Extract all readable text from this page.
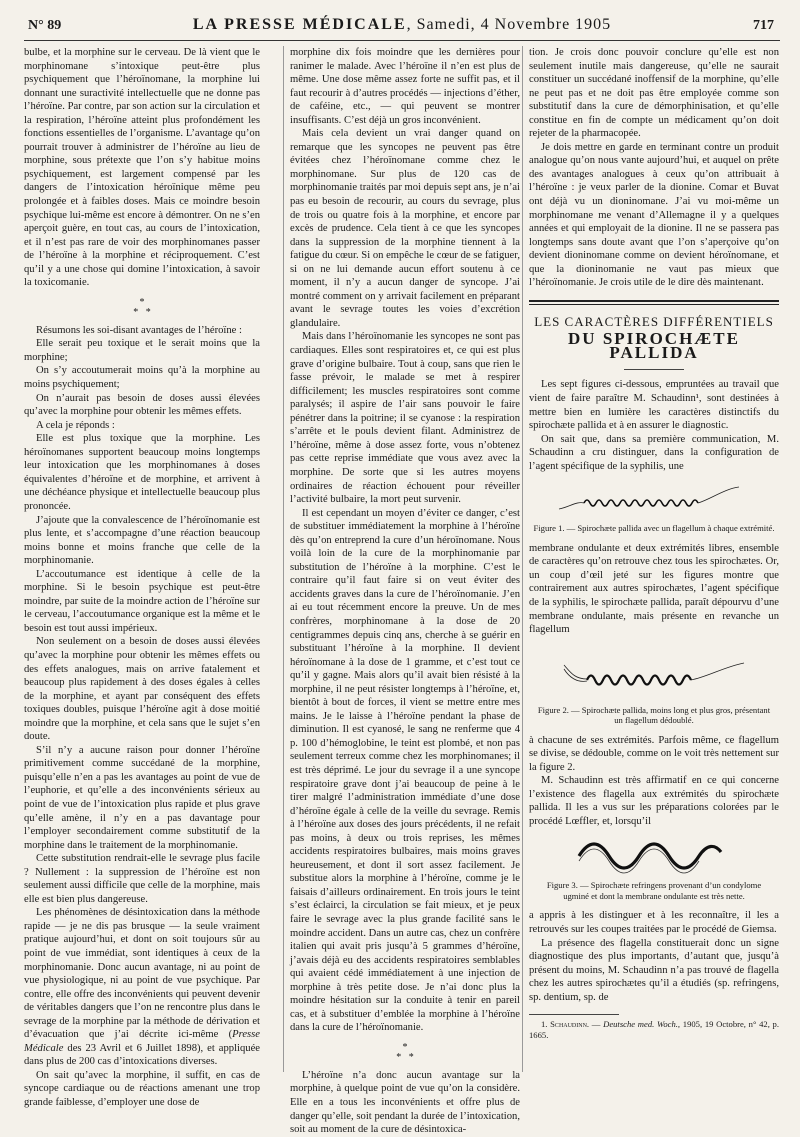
N° 89	LA PRESSE MÉDICALE, Samedi, 4 Novembre 1905	717

bulbe, et la morphine sur le cerveau. De là vient que le morphinomane s’intoxique peut-être plus psychiquement que l’héroïnomane, la morphine lui donnant une suractivité intellectuelle que ne donne pas l’héroïne. Par contre, par son action sur la circulation et la respiration, l’héroïne atteint plus profondément les fonctions essentielles de l’organisme. L’avantage qu’on pourrait trouver à administrer de l’héroïne au lieu de morphine, sous prétexte que l’on s’y habitue moins psychiquement, est largement compensé par les dangers de l’intoxication héroïnique même peu prolongée et à faibles doses. Mais ce moindre besoin psychique lui-même est encore à démontrer. On ne s’en aperçoit guère, en tout cas, au cours de l’intoxication, et il n’est pas rare de voir des morphinomanes passer de l’héroïne à la morphine et réciproquement. C’est qu’il y a une chose qui domine l’intoxication, à savoir la toxicomanie.

*
*   *

Résumons les soi-disant avantages de l’héroïne :

Elle serait peu toxique et le serait moins que la morphine;

On s’y accoutumerait moins qu’à la morphine au moins psychiquement;

On n’aurait pas besoin de doses aussi élevées qu’avec la morphine pour obtenir les mêmes effets.

A cela je réponds :

Elle est plus toxique que la morphine. Les héroïnomanes supportent beaucoup moins longtemps leur intoxication que les morphinomanes à doses équivalentes d’héroïne et de morphine, et arrivent à une déchéance physique et intellectuelle beaucoup plus prononcée.

J’ajoute que la convalescence de l’héroïnomanie est plus lente, et s’accompagne d’une réaction beaucoup moins bonne et moins franche que celle de la morphinomanie.

L’accoutumance est identique à celle de la morphine. Si le besoin psychique est peut-être moindre, par suite de la moindre action de l’héroïne sur le cerveau, l’accoutumance organique est la même et le besoin est tout aussi impérieux.

Non seulement on a besoin de doses aussi élevées qu’avec la morphine pour obtenir les mêmes effets ou des effets analogues, mais on arrive fatalement et beaucoup plus rapidement à des doses égales à celles de la morphine, et ayant par conséquent des effets toxiques doubles, puisque l’héroïne agit à dose moitié moindre que la morphine, et cela sans que le sujet s’en doute.

S’il n’y a aucune raison pour donner l’héroïne primitivement comme succédané de la morphine, puisqu’elle n’en a pas les avantages au point de vue de l’euphorie, et qu’elle a des inconvénients sérieux au point de vue de l’intoxication plus rapide et plus grave qu’elle amène, il n’y en a pas davantage pour l’employer secondairement comme substitutif de la morphine dans le traitement de la morphinomanie.

Cette substitution rendrait-elle le sevrage plus facile ? Nullement : la suppression de l’héroïne est non seulement aussi difficile que celle de la morphine, mais elle est bien plus dangereuse.

Les phénomènes de désintoxication dans la méthode rapide — je ne dis pas brusque — la seule vraiment pratique aujourd’hui, et dont on soit toujours sûr au point de vue immédiat, sont identiques à ceux de la morphinomanie. Donc aucun avantage, ni au point de vue physiologique, ni au point de vue psychique. Par contre, elle offre des inconvénients qui peuvent devenir de véritables dangers que l’on ne rencontre plus dans le sevrage de la morphine par la méthode de dérivation et d’évacuation que j’ai décrite ici-même (Presse Médicale des 23 Avril et 6 Juillet 1898), et appliquée dans plus de 200 cas d’intoxications diverses.

On sait qu’avec la morphine, il suffit, en cas de syncope cardiaque ou de réactions amenant une trop grande faiblesse, d’employer une dose de

morphine dix fois moindre que les dernières pour ranimer le malade. Avec l’héroïne il n’en est plus de même. Une dose même assez forte ne suffit pas, et il faut recourir à d’autres procédés — injections d’éther, de caféine, etc., — qui peuvent se montrer insuffisants. C’est déjà un gros inconvénient.

Mais cela devient un vrai danger quand on remarque que les syncopes ne peuvent pas être évitées chez l’héroïnomane comme chez le morphinomane. Sur plus de 120 cas de morphinomanie traités par moi depuis sept ans, je n’ai pas eu besoin de recourir, au cours du sevrage, plus de trois ou quatre fois à la morphine, et encore par excès de prudence. Cela tient à ce que les syncopes dans la suppression de la morphine tiennent à la fatigue du cœur. Si on empêche le cœur de se fatiguer, si on ne lui demande aucun effort soutenu à ce moment, il n’y a aucun danger de syncope. J’ai montré comment on y arrivait facilement en préparant avant le sevrage toutes les voies d’excrétion glandulaire.

Mais dans l’héroïnomanie les syncopes ne sont pas cardiaques. Elles sont respiratoires et, ce qui est plus grave d’origine bulbaire. Tout à coup, sans que rien le fasse prévoir, le malade se met à respirer difficilement; les muscles respiratoires sont comme paralysés; il aspire de l’air sans pouvoir le faire pénétrer dans la poitrine; il se cyanose : la respiration s’arrête et le pouls devient filant. Administrez de l’héroïne, même à dose assez forte, vous n’obtenez pas cette reprise immédiate que vous avez avec la morphine. De sorte que si les autres moyens ordinaires de réaction échouent pour réveiller l’activité bulbaire, la mort peut survenir.

Il est cependant un moyen d’éviter ce danger, c’est de substituer immédiatement la morphine à l’héroïne dès qu’on entreprend la cure d’un héroïnomane. Nous voilà loin de la cure de la morphinomanie par substitution de l’héroïne à la morphine. C’est le contraire qu’il faut faire si on veut éviter des accidents graves dans la cure de l’héroïnomanie. J’en ai eu tout récemment encore la preuve. Un de mes confrères, morphinomane à la dose de 20 centigrammes depuis cinq ans, cherche à se guérir en substituant l’héroïne à la morphine. Il devient héroïnomane à la dose de 1 gramme, et c’est tout ce qu’il y gagne. Mais alors qu’il avait bien résisté à la morphine, il ne peut résister longtemps à l’héroïne, et, bientôt à bout de forces, il vient se mettre entre mes mains. Je le laisse à l’héroïne pendant la phase de diminution. Il est cyanosé, le sang ne renferme que 4 p. 100 d’hémoglobine, le teint est plombé, et non pas seulement terreux comme chez les morphinomanes; il est très déprimé. Le jour du sevrage il a une syncope respiratoire grave dont j’ai beaucoup de peine à le tirer malgré l’administration immédiate d’une dose d’héroïne égale à celle de la veille du sevrage. Remis à l’héroïne aux doses des jours précédents, il ne refait pas moins, à deux ou trois reprises, les mêmes accidents respiratoires bulbaires, mais moins graves heureusement, et dont il sort assez facilement. Je substitue alors la morphine à l’héroïne, comme je le faisais d’ailleurs ordinairement. En trois jours le teint s’est éclairci, la circulation se fait mieux, et je peux faire le sevrage avec la plus grande facilité sans le moindre accident. Dans un autre cas, chez un confrère italien qui avait pris jusqu’à 5 grammes d’héroïne, j’avais déjà eu des accidents respiratoires semblables qui avaient cédé immédiatement à une injection de morphine à très petite dose. Je n’ai donc plus la moindre hésitation sur la conduite à tenir en pareil cas, et à substituer d’emblée la morphine à l’héroïne dans la cure de l’héroïnomanie.

*
*   *

L’héroïne n’a donc aucun avantage sur la morphine, à quelque point de vue qu’on la considère. Elle en a tous les inconvénients et offre plus de danger qu’elle, soit pendant la durée de l’intoxication, soit au moment de la cure de désintoxica-

tion. Je crois donc pouvoir conclure qu’elle est non seulement inutile mais dangereuse, qu’elle ne saurait constituer un succédané inoffensif de la morphine, qu’elle ne peut pas et ne doit pas être employée comme son substitutif dans la cure de démorphinisation, et qu’elle constitue en fin de compte un médicament qu’on doit rejeter de la pharmacopée.

Je dois mettre en garde en terminant contre un produit analogue qu’on nous vante aujourd’hui, et auquel on prête des avantages analogues à ceux qu’on attribuait à l’héroïne : je veux parler de la dionine. Comar et Buvat ont déjà vu un dioninomane. J’ai vu moi-même un morphinomane me venant d’Allemagne il y a quelques années et qui employait de la dionine. Il ne se passera pas longtemps sans doute avant que l’on s’aperçoive qu’on devient dioninomane comme on devient héroïnomane, et que la dioninomanie ne vaut pas mieux que l’héroïnomanie. Je crois utile de le dire dès maintenant.

LES CARACTÈRES DIFFÉRENTIELS
DU SPIROCHÆTE PALLIDA

Les sept figures ci-dessous, empruntées au travail que vient de faire paraître M. Schaudinn¹, sont destinées à mettre bien en lumière les caractères distinctifs du spirochæte pallida et à en assurer le diagnostic.

On sait que, dans sa première communication, M. Schaudinn a cru distinguer, dans la configuration de l’agent spécifique de la syphilis, une

Figure 1. — Spirochæte pallida avec un flagellum à chaque extrémité.

membrane ondulante et deux extrémités libres, ensemble de caractères qu’on retrouve chez tous les spirochætes. Or, un coup d’œil jeté sur les figures montre que contrairement aux autres spirochætes, l’agent spécifique de la syphilis, le spirochæte pallida, paraît dépourvu d’une membrane ondulante, mais présente en revanche un flagellum

Figure 2. — Spirochæte pallida, moins long et plus gros, présentant un flagellum dédoublé.

à chacune de ses extrémités. Parfois même, ce flagellum se divise, se dédouble, comme on le voit très nettement sur la figure 2.

M. Schaudinn est très affirmatif en ce qui concerne l’existence des flagella aux extrémités du spirochæte pallida. Il les a vus sur les préparations colorées par le procédé Lœffler, et, lorsqu’il

Figure 3. — Spirochæte refringens provenant d’un condylome ugminé et dont la membrane ondulante est très nette.

a appris à les distinguer et à les reconnaître, il les a retrouvés sur les coupes traitées par le procédé de Giemsa.

La présence des flagella constituerait donc un signe diagnostique des plus importants, d’autant que, jusqu’à présent du moins, M. Schaudinn n’a pas trouvé de flagella chez les autres spirochætes qu’il a étudiés (sp. refringens, sp. dentium, sp. de

1. Schaudinn. — Deutsche med. Woch., 1905, 19 Octobre, n° 42, p. 1665.
